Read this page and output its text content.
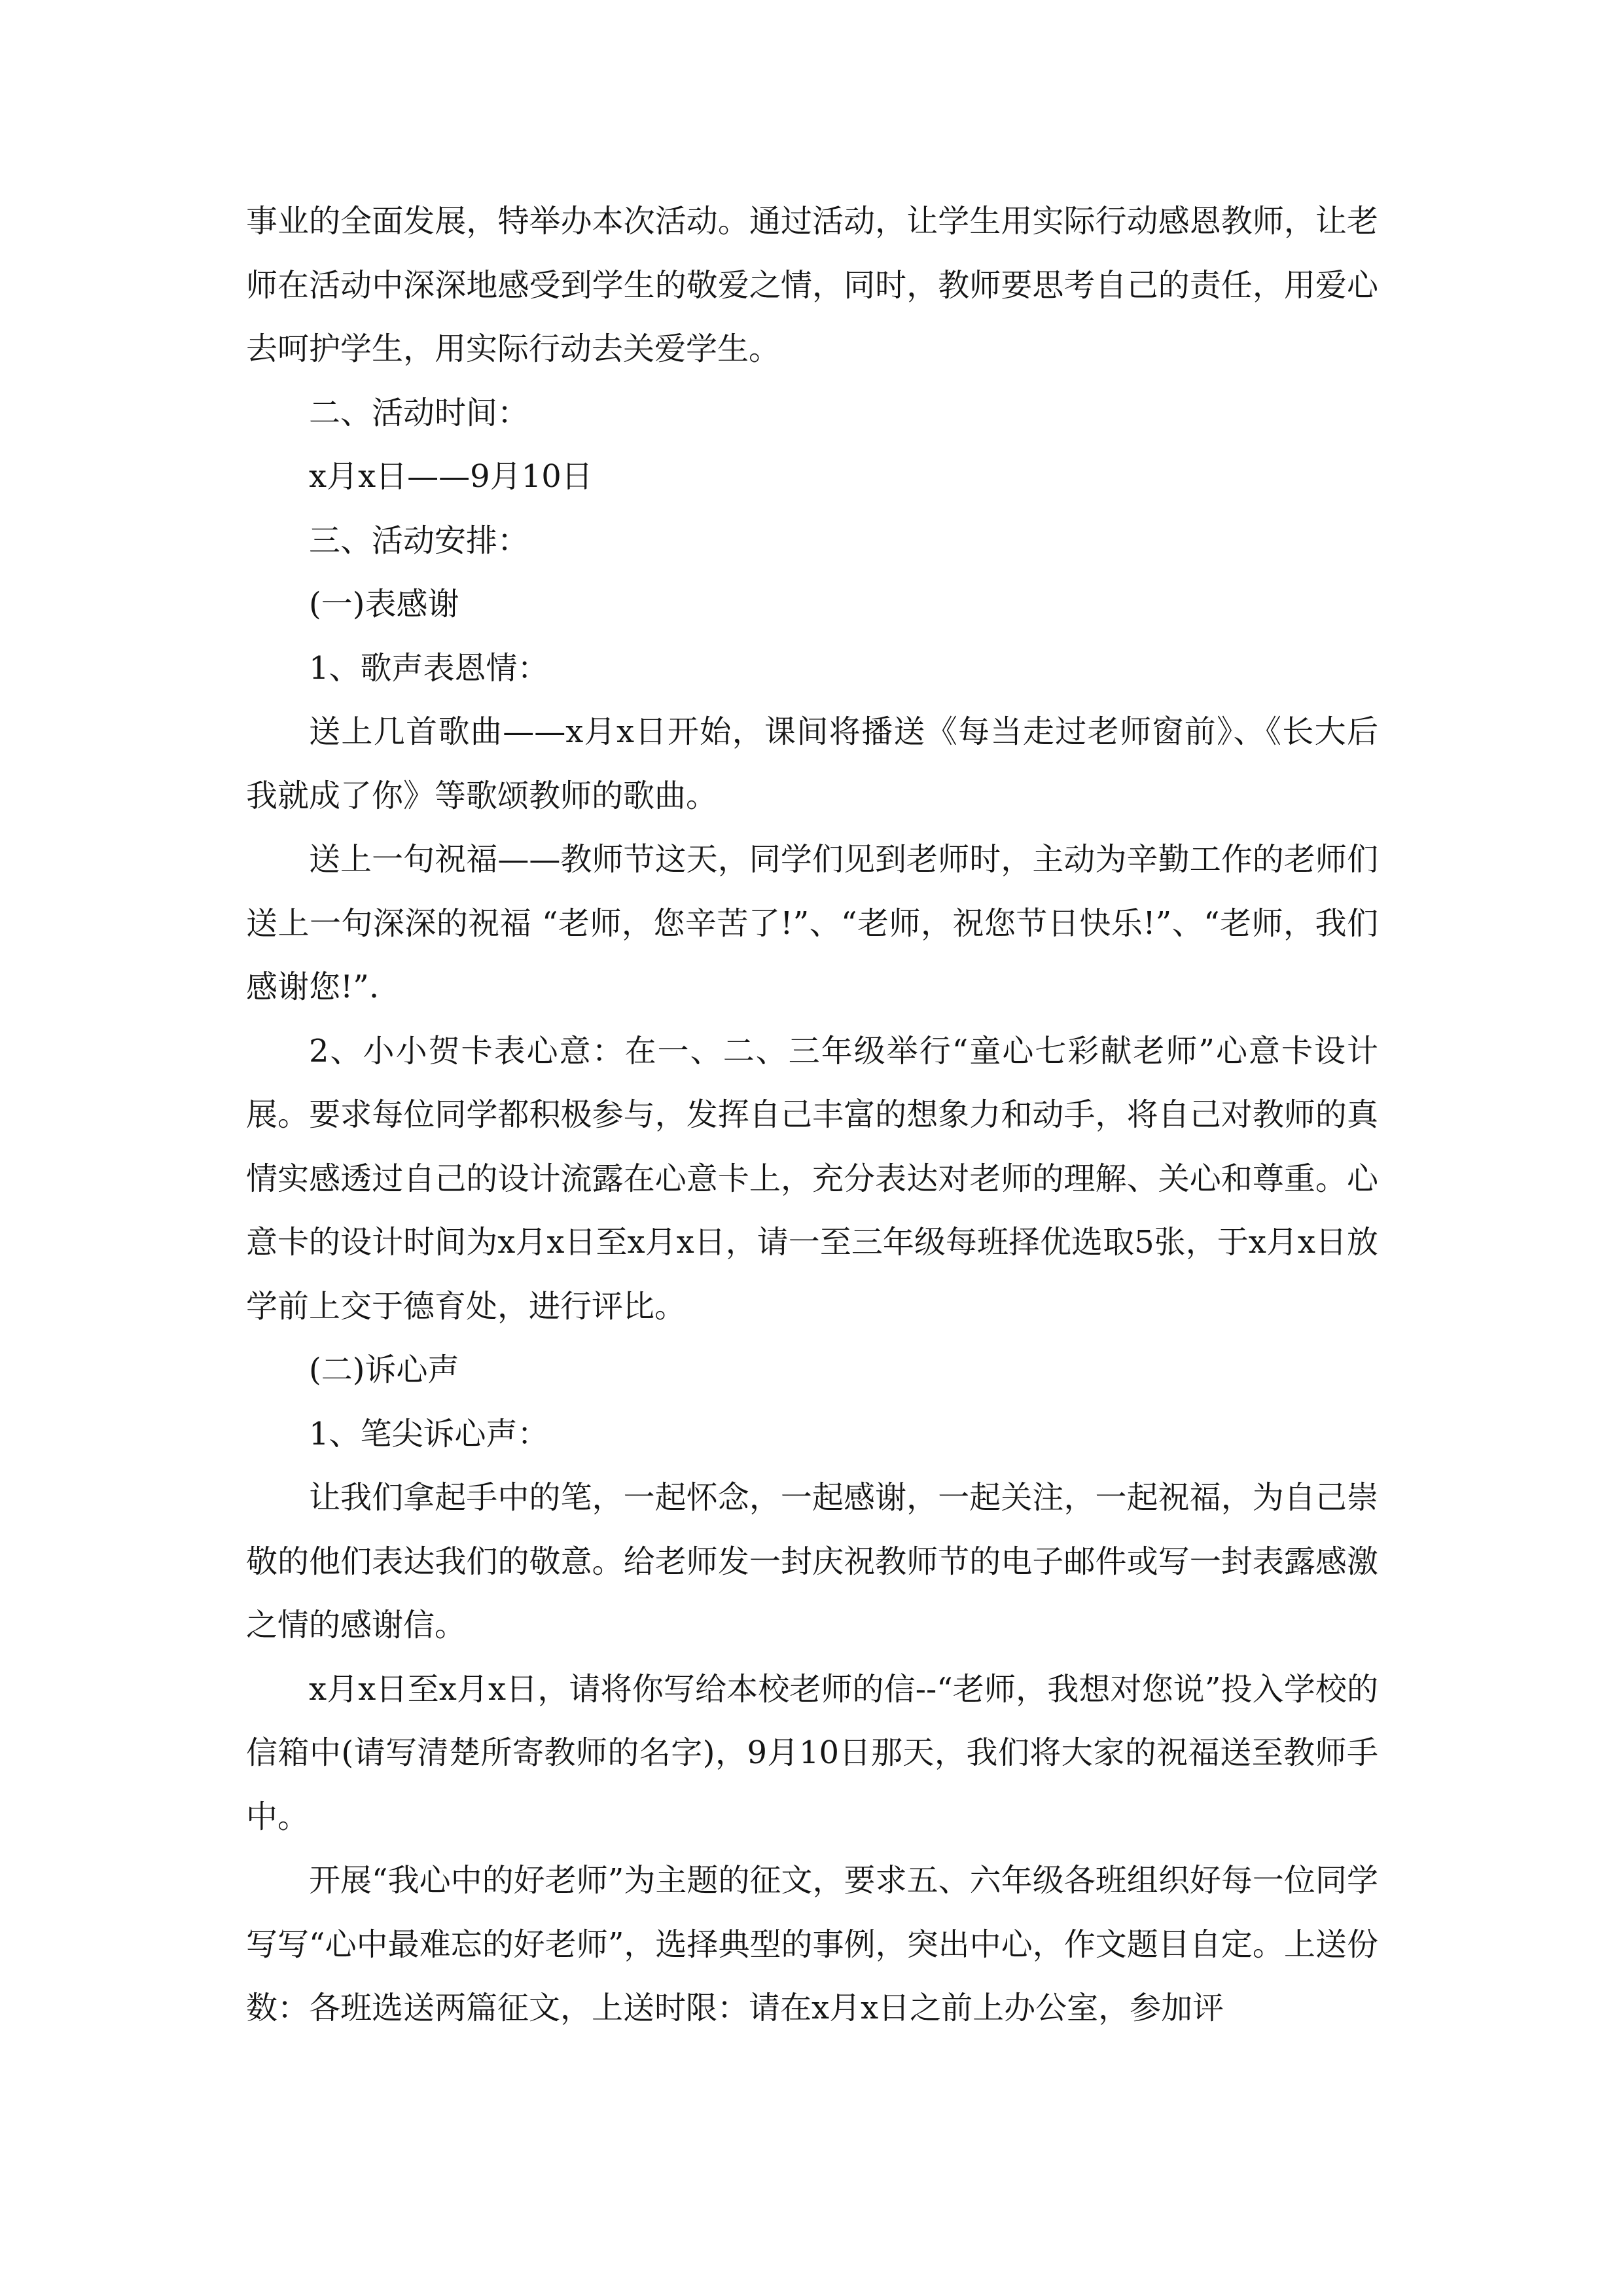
事业的全面发展，特举办本次活动。通过活动，让学生用实际行动感恩教师，让老师在活动中深深地感受到学生的敬爱之情，同时，教师要思考自己的责任，用爱心去呵护学生，用实际行动去关爱学生。

二、活动时间：

x月x日——9月10日

三、活动安排：

(一)表感谢

1、歌声表恩情：

送上几首歌曲——x月x日开始，课间将播送《每当走过老师窗前》、《长大后我就成了你》等歌颂教师的歌曲。

送上一句祝福——教师节这天，同学们见到老师时，主动为辛勤工作的老师们送上一句深深的祝福 “老师，您辛苦了!”、“老师，祝您节日快乐!”、“老师，我们感谢您!”.

2、小小贺卡表心意：在一、二、三年级举行“童心七彩献老师”心意卡设计展。要求每位同学都积极参与，发挥自己丰富的想象力和动手，将自己对教师的真情实感透过自己的设计流露在心意卡上，充分表达对老师的理解、关心和尊重。心意卡的设计时间为x月x日至x月x日，请一至三年级每班择优选取5张，于x月x日放学前上交于德育处，进行评比。

(二)诉心声

1、笔尖诉心声：

让我们拿起手中的笔，一起怀念，一起感谢，一起关注，一起祝福，为自己崇敬的他们表达我们的敬意。给老师发一封庆祝教师节的电子邮件或写一封表露感激之情的感谢信。

x月x日至x月x日，请将你写给本校老师的信--“老师，我想对您说”投入学校的信箱中(请写清楚所寄教师的名字)，9月10日那天，我们将大家的祝福送至教师手中。

开展“我心中的好老师”为主题的征文，要求五、六年级各班组织好每一位同学写写“心中最难忘的好老师”，选择典型的事例，突出中心，作文题目自定。上送份数：各班选送两篇征文，上送时限：请在x月x日之前上办公室，参加评
